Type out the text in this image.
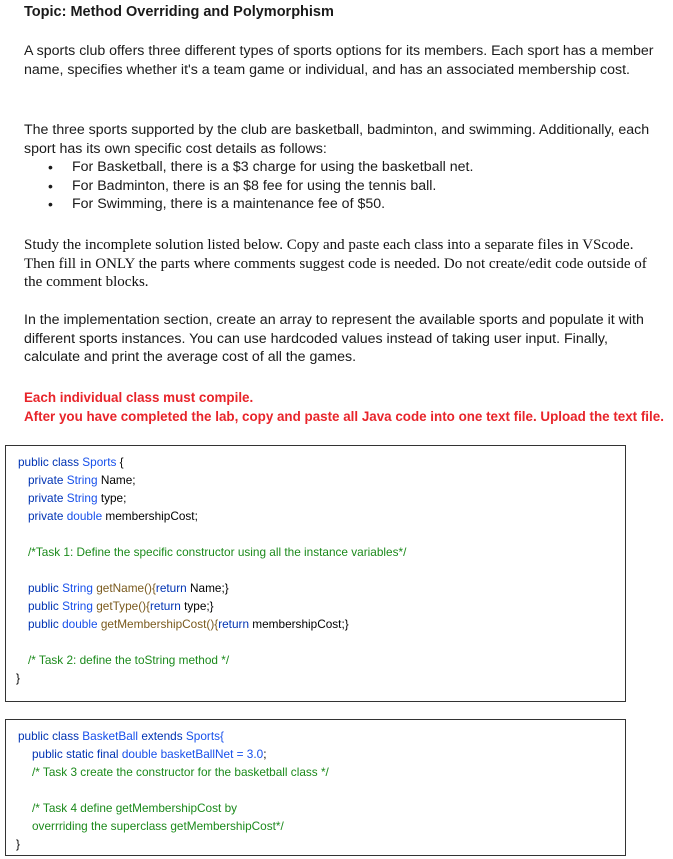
Topic: Method Overriding and Polymorphism

A sports club offers three different types of sports options for its members. Each sport has a member name, specifies whether it's a team game or individual, and has an associated membership cost.

The three sports supported by the club are basketball, badminton, and swimming. Additionally, each sport has its own specific cost details as follows:

• For Basketball, there is a $3 charge for using the basketball net.
• For Badminton, there is an $8 fee for using the tennis ball.
• For Swimming, there is a maintenance fee of $50.
Study the incomplete solution listed below. Copy and paste each class into a separate files in VScode. Then fill in ONLY the parts where comments suggest code is needed. Do not create/edit code outside of the comment blocks.

In the implementation section, create an array to represent the available sports and populate it with different sports instances. You can use hardcoded values instead of taking user input. Finally, calculate and print the average cost of all the games.

Each individual class must compile.
After you have completed the lab, copy and paste all Java code into one text file. Upload the text file.
public class Sports {
private String Name;
private String type;
private double membershipCost;
/*Task 1: Define the specific constructor using all the instance variables*/
public String getName(){return Name;}
public String getType(){return type;}
public double getMembershipCost(){return membershipCost;}
/* Task 2: define the toString method */
}
public class BasketBall extends Sports{
public static final double basketBallNet = 3.0;
/* Task 3 create the constructor for the basketball class */
/* Task 4 define getMembershipCost by
overrriding the superclass getMembershipCost*/
}
